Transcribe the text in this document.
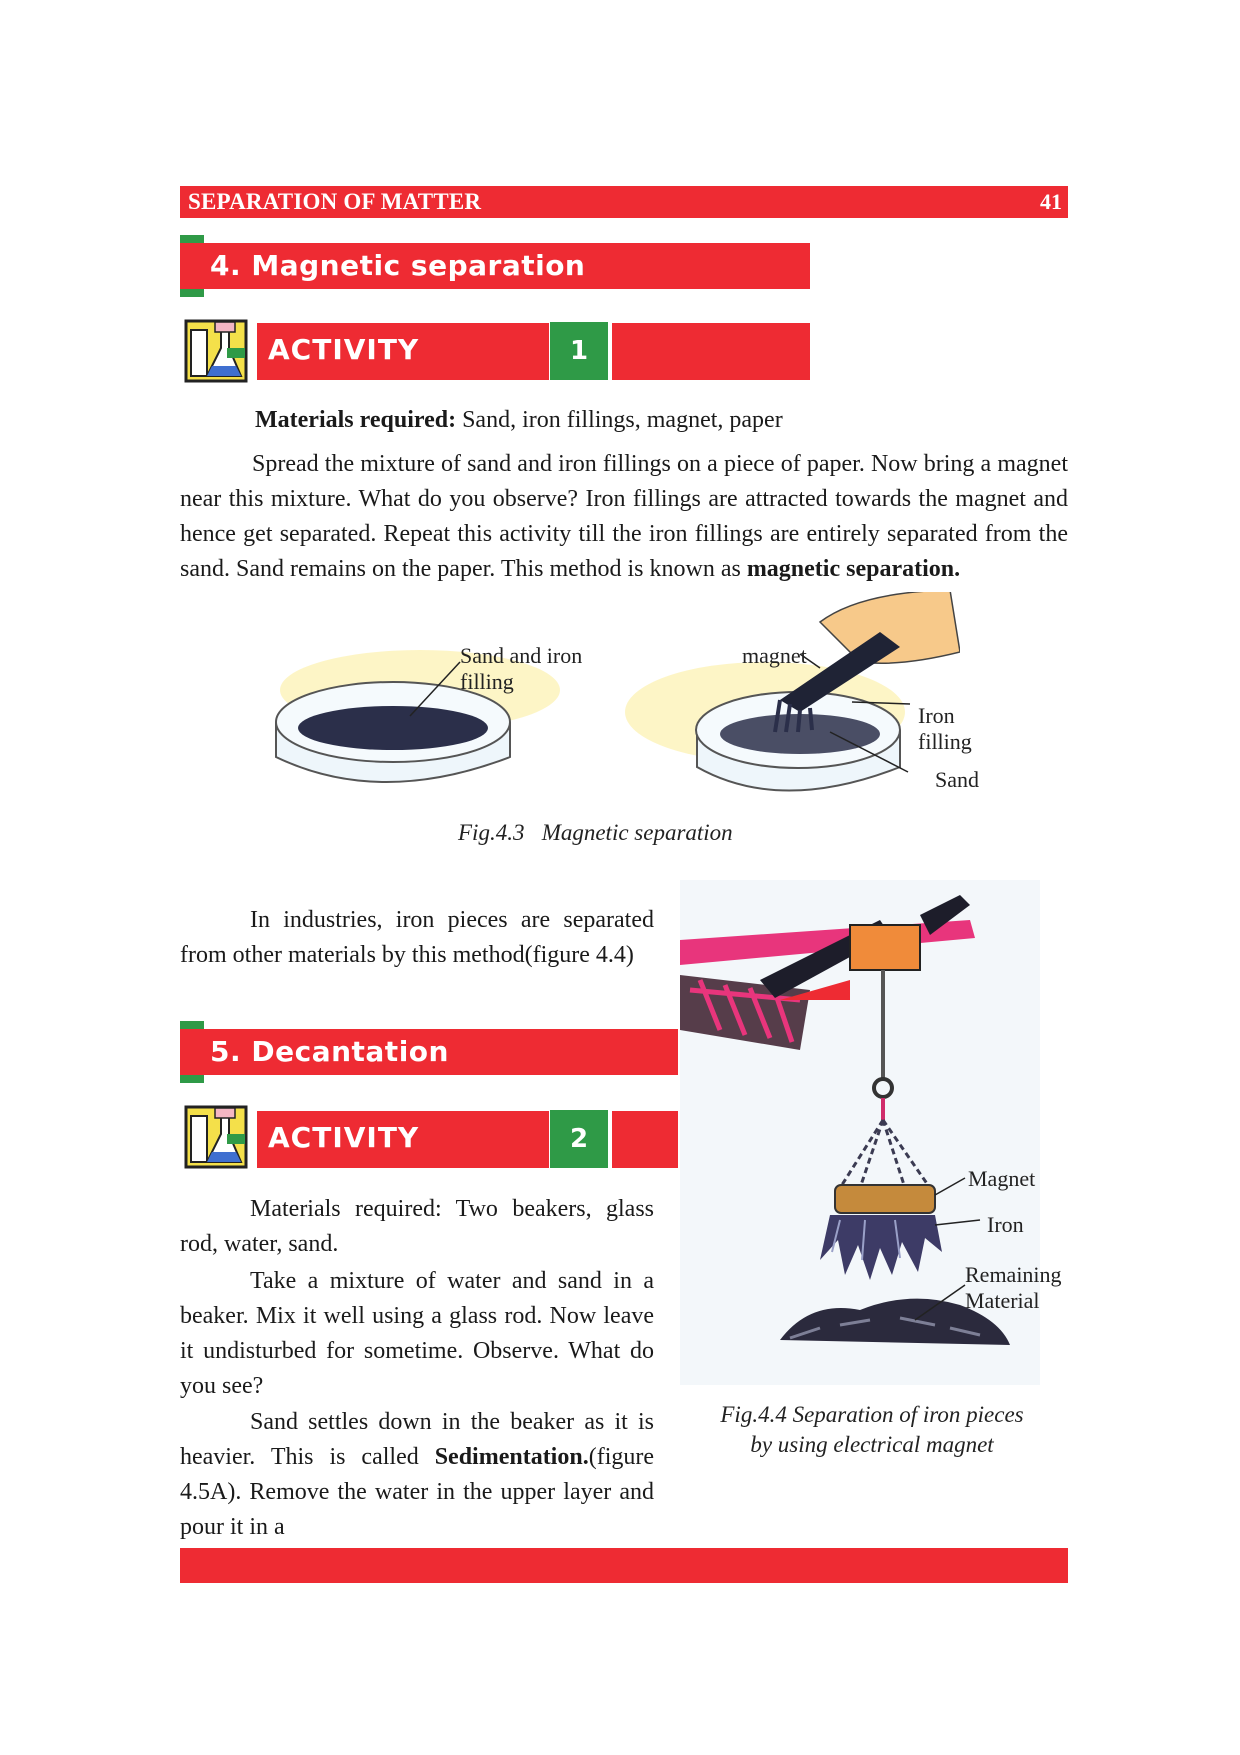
SEPARATION OF MATTER	41
4. Magnetic separation
ACTIVITY	1
Materials required: Sand, iron fillings, magnet, paper
Spread the mixture of sand and iron fillings on a piece of paper. Now bring a magnet near this mixture. What do you observe? Iron fillings are attracted towards the magnet and hence get separated. Repeat this activity till the iron fillings are entirely separated from the sand. Sand remains on the paper. This method is known as magnetic separation.
Sand and iron
filling
magnet
Iron
filling
Sand
Fig.4.3   Magnetic separation
In industries, iron pieces are separated from other materials by this method(figure 4.4)
Magnet
Iron
Remaining
Material
Fig.4.4 Separation of iron pieces
by using electrical magnet
5. Decantation
ACTIVITY	2
Materials required: Two beakers, glass rod, water, sand.
Take a mixture of water and sand in a beaker. Mix it well using a glass rod. Now leave it undisturbed for sometime. Observe. What do you see?
Sand settles down in the beaker as it is heavier. This is called Sedimentation.(figure 4.5A). Remove the water in the upper layer and pour it in a
